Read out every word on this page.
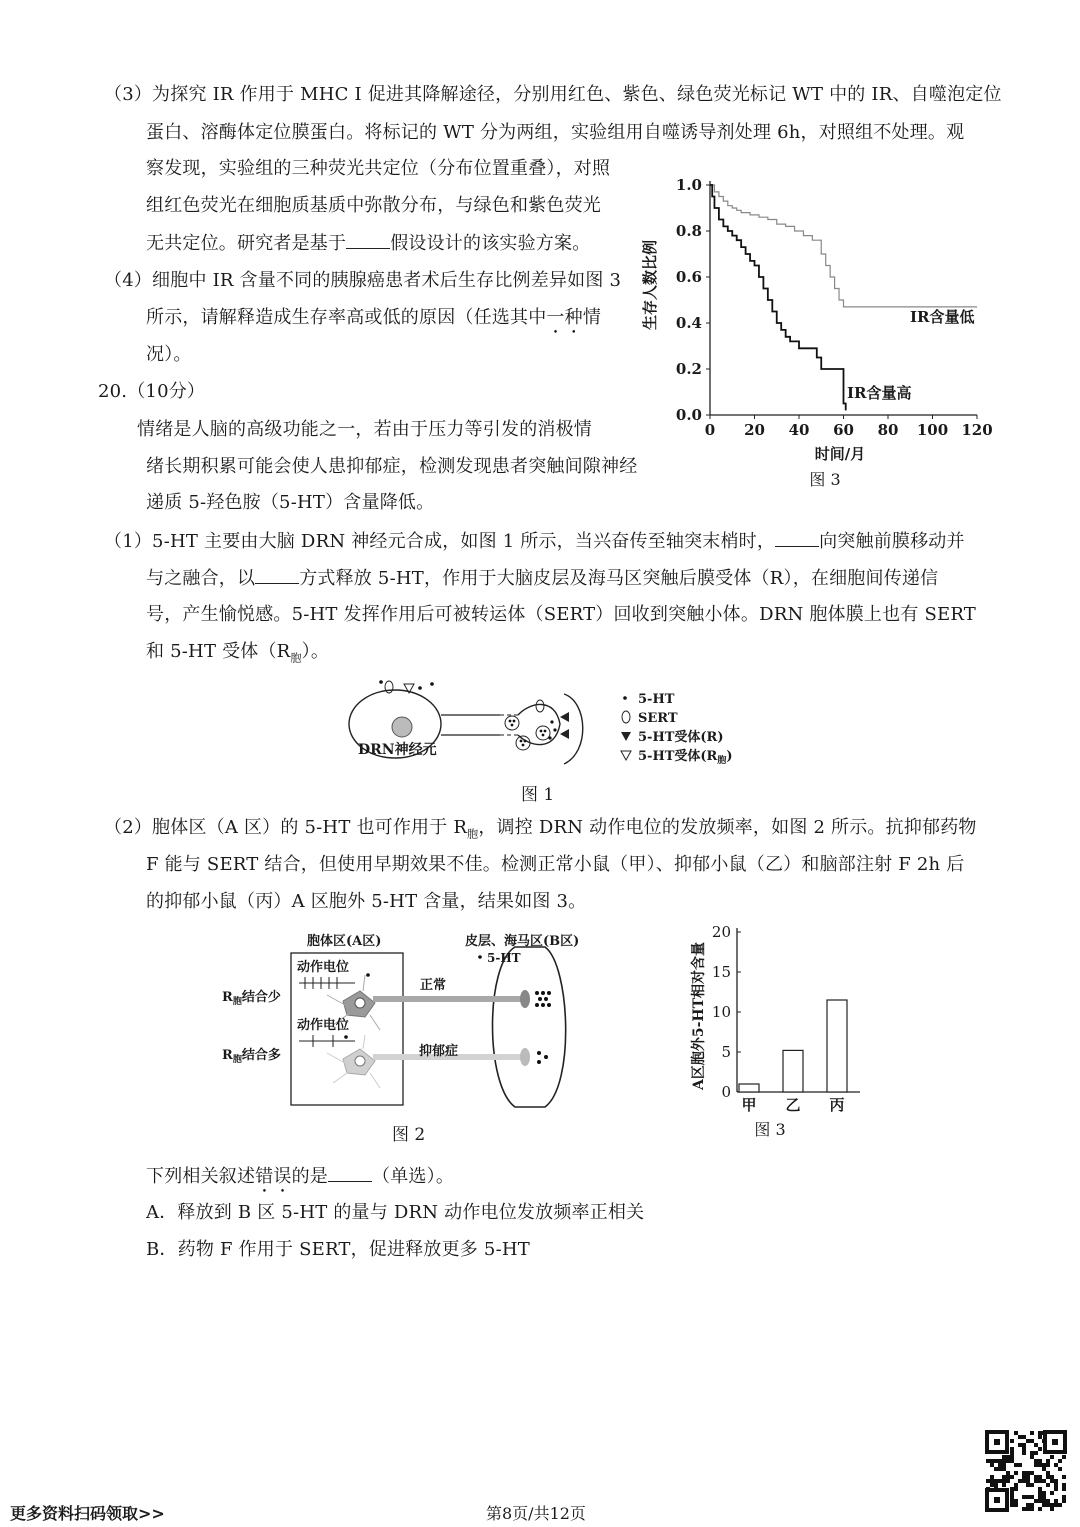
（3）为探究 IR 作用于 MHC I 促进其降解途径，分别用红色、紫色、绿色荧光标记 WT 中的 IR、自噬泡定位
蛋白、溶酶体定位膜蛋白。将标记的 WT 分为两组，实验组用自噬诱导剂处理 6h，对照组不处理。观
察发现，实验组的三种荧光共定位（分布位置重叠），对照
组红色荧光在细胞质基质中弥散分布，与绿色和紫色荧光
无共定位。研究者是基于 假设设计的该实验方案。
（4）细胞中 IR 含量不同的胰腺癌患者术后生存比例差异如图 3
所示，请解释造成生存率高或低的原因（任选其中一种情
况）。
20.（10分）
情绪是人脑的高级功能之一，若由于压力等引发的消极情
绪长期积累可能会使人患抑郁症，检测发现患者突触间隙神经
递质 5-羟色胺（5-HT）含量降低。
0.0
0.2
0.4
0.6
0.8
1.0
0 20 40 60 80 100 120
生存人数比例
时间/月
图 3
IR含量低
IR含量高
（1）5-HT 主要由大脑 DRN 神经元合成，如图 1 所示，当兴奋传至轴突末梢时， 向突触前膜移动并
与之融合，以 方式释放 5-HT，作用于大脑皮层及海马区突触后膜受体（R），在细胞间传递信
号，产生愉悦感。5-HT 发挥作用后可被转运体（SERT）回收到突触小体。DRN 胞体膜上也有 SERT
和 5-HT 受体$(R_胞)$。
DRN神经元
5-HT
SERT
5-HT受体(R)
5-HT受体$(R_胞)$
图 1
（2）胞体区（A 区）的 5-HT 也可作用于 $R_胞$，调控 DRN 动作电位的发放频率，如图 2 所示。抗抑郁药物
F 能与 SERT 结合，但使用早期效果不佳。检测正常小鼠（甲）、抑郁小鼠（乙）和脑部注射 F 2h 后
的抑郁小鼠（丙）A 区胞外 5-HT 含量，结果如图 3。
胞体区(A区)	皮层、海马区(B区)
5-HT
动作电位
正常
$R_胞$结合少
动作电位
抑郁症
$R_胞$结合多
图 2
0
5
10
15
20
甲 乙 丙
A区胞外5-HT相对含量
图 3
下列相关叙述错误的是 （单选）。
A．释放到 B 区 5-HT 的量与 DRN 动作电位发放频率正相关
B．药物 F 作用于 SERT，促进释放更多 5-HT
更多资料扫码领取>>	第8页/共12页
